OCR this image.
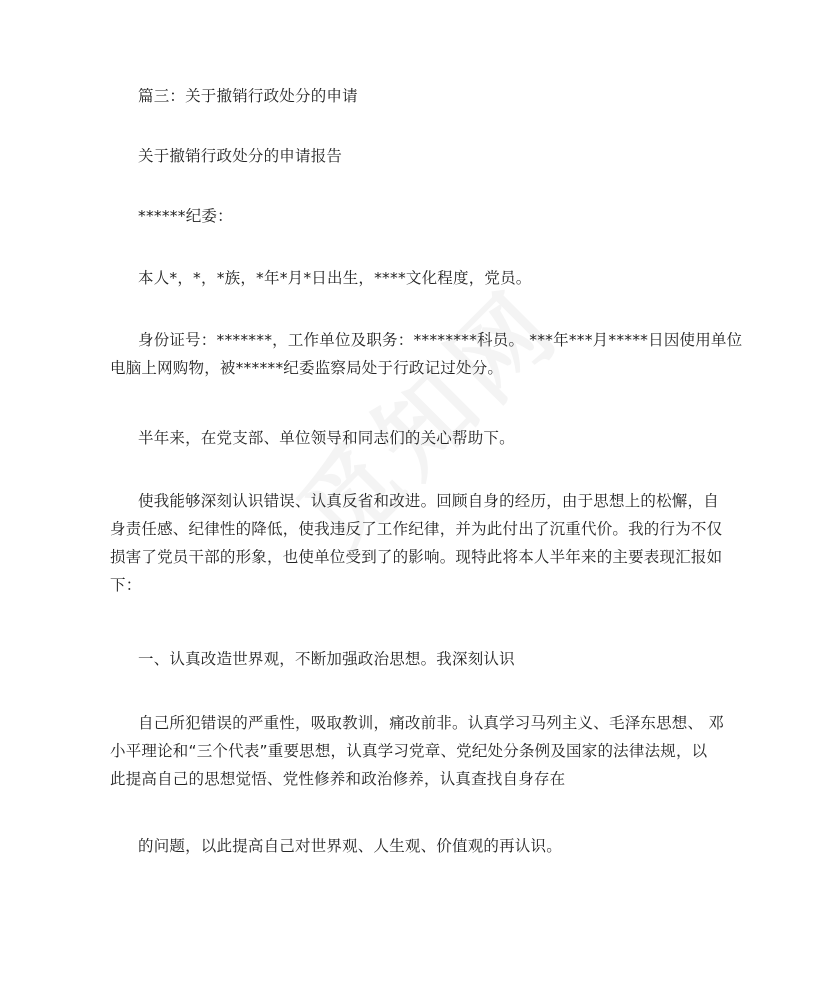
篇三：关于撤销行政处分的申请

关于撤销行政处分的申请报告

******纪委：

本人*，*，*族，*年*月*日出生，****文化程度，党员。

身份证号：*******，工作单位及职务：********科员。 ***年***月*****日因使用单位
电脑上网购物，被******纪委监察局处于行政记过处分。

半年来，在党支部、单位领导和同志们的关心帮助下。

使我能够深刻认识错误、认真反省和改进。回顾自身的经历，由于思想上的松懈，自
身责任感、纪律性的降低，使我违反了工作纪律，并为此付出了沉重代价。我的行为不仅
损害了党员干部的形象，也使单位受到了的影响。现特此将本人半年来的主要表现汇报如
下：

一、认真改造世界观，不断加强政治思想。我深刻认识

自己所犯错误的严重性，吸取教训，痛改前非。认真学习马列主义、毛泽东思想、 邓
小平理论和“三个代表”重要思想，认真学习党章、党纪处分条例及国家的法律法规，以
此提高自己的思想觉悟、党性修养和政治修养，认真查找自身存在

的问题，以此提高自己对世界观、人生观、价值观的再认识。
